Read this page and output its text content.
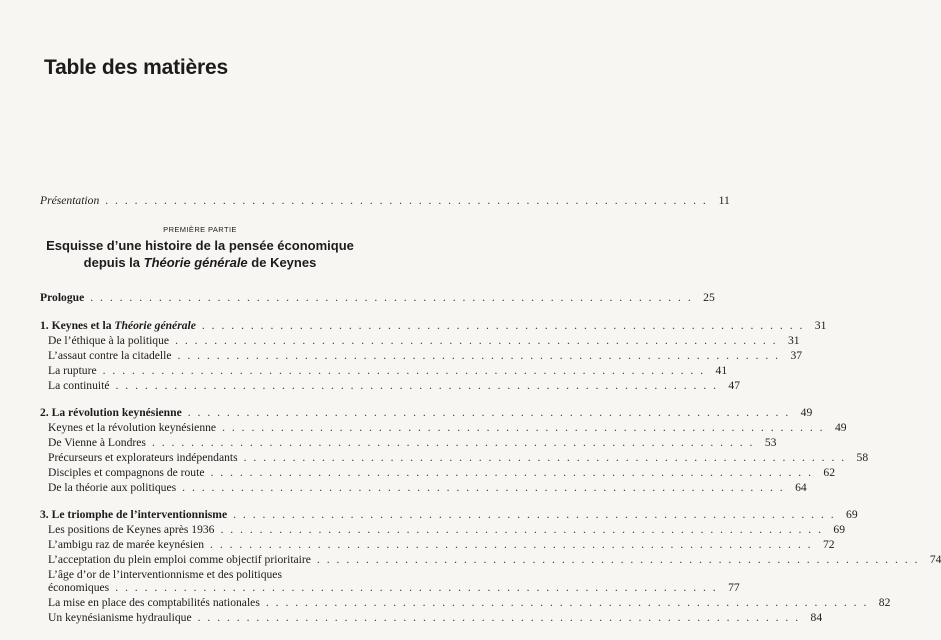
Table des matières
Présentation . . . . . . . . . . . . . . . . . . . . . . . . . . . . . . . . . . . . . . . . . . . . . . . . . . . . . . . . . . . . . . 11
PREMIÈRE PARTIE
Esquisse d’une histoire de la pensée économique
depuis la Théorie générale de Keynes
Prologue . . . . . . . . . . . . . . . . . . . . . . . . . . . . . . . . . . . . . . . . . . . . . . . . . . . . . . . . . . . . . . 25
1. Keynes et la Théorie générale . . . . . . . . . . . . . . . . . . . . . . . . . . . . . . . . . . . . . . . . . . . . . . . . . . . . . . . . . . . . . . 31
De l’éthique à la politique . . . . . . . . . . . . . . . . . . . . . . . . . . . . . . . . . . . . . . . . . . . . . . . . . . . . . . . . . . . . . . 31
L’assaut contre la citadelle . . . . . . . . . . . . . . . . . . . . . . . . . . . . . . . . . . . . . . . . . . . . . . . . . . . . . . . . . . . . . . 37
La rupture . . . . . . . . . . . . . . . . . . . . . . . . . . . . . . . . . . . . . . . . . . . . . . . . . . . . . . . . . . . . . . 41
La continuité . . . . . . . . . . . . . . . . . . . . . . . . . . . . . . . . . . . . . . . . . . . . . . . . . . . . . . . . . . . . . . 47
2. La révolution keynésienne . . . . . . . . . . . . . . . . . . . . . . . . . . . . . . . . . . . . . . . . . . . . . . . . . . . . . . . . . . . . . . 49
Keynes et la révolution keynésienne . . . . . . . . . . . . . . . . . . . . . . . . . . . . . . . . . . . . . . . . . . . . . . . . . . . . . . . . . . . . . . 49
De Vienne à Londres . . . . . . . . . . . . . . . . . . . . . . . . . . . . . . . . . . . . . . . . . . . . . . . . . . . . . . . . . . . . . . 53
Précurseurs et explorateurs indépendants . . . . . . . . . . . . . . . . . . . . . . . . . . . . . . . . . . . . . . . . . . . . . . . . . . . . . . . . . . . . . . 58
Disciples et compagnons de route . . . . . . . . . . . . . . . . . . . . . . . . . . . . . . . . . . . . . . . . . . . . . . . . . . . . . . . . . . . . . . 62
De la théorie aux politiques . . . . . . . . . . . . . . . . . . . . . . . . . . . . . . . . . . . . . . . . . . . . . . . . . . . . . . . . . . . . . . 64
3. Le triomphe de l’interventionnisme . . . . . . . . . . . . . . . . . . . . . . . . . . . . . . . . . . . . . . . . . . . . . . . . . . . . . . . . . . . . . . 69
Les positions de Keynes après 1936 . . . . . . . . . . . . . . . . . . . . . . . . . . . . . . . . . . . . . . . . . . . . . . . . . . . . . . . . . . . . . . 69
L’ambigu raz de marée keynésien . . . . . . . . . . . . . . . . . . . . . . . . . . . . . . . . . . . . . . . . . . . . . . . . . . . . . . . . . . . . . . 72
L’acceptation du plein emploi comme objectif prioritaire . . . . . . . . . . . . . . . . . . . . . . . . . . . . . . . . . . . . . . . . . . . . . . . . . . . . . . . . . . . . . . 74
L’âge d’or de l’interventionnisme et des politiques
économiques . . . . . . . . . . . . . . . . . . . . . . . . . . . . . . . . . . . . . . . . . . . . . . . . . . . . . . . . . . . . . . 77
La mise en place des comptabilités nationales . . . . . . . . . . . . . . . . . . . . . . . . . . . . . . . . . . . . . . . . . . . . . . . . . . . . . . . . . . . . . . 82
Un keynésianisme hydraulique . . . . . . . . . . . . . . . . . . . . . . . . . . . . . . . . . . . . . . . . . . . . . . . . . . . . . . . . . . . . . . 84
